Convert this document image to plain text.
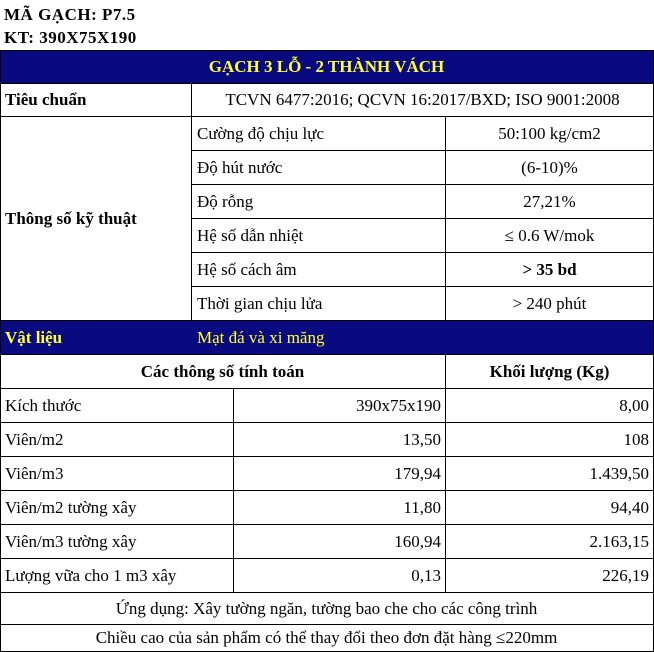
MÃ GẠCH: P7.5
KT: 390X75X190
GẠCH 3 LỖ - 2 THÀNH VÁCH
Tiêu chuẩn	TCVN 6477:2016; QCVN 16:2017/BXD; ISO 9001:2008
Thông số kỹ thuật
Cường độ chịu lực	50:100 kg/cm2
Độ hút nước	(6-10)%
Độ rỗng	27,21%
Hệ số dẫn nhiệt	≤ 0.6 W/mok
Hệ số cách âm	> 35 bd
Thời gian chịu lửa	> 240 phút
Vật liệu	Mạt đá và xi măng
Các thông số tính toán	Khối lượng (Kg)
Kích thước	390x75x190	8,00
Viên/m2	13,50	108
Viên/m3	179,94	1.439,50
Viên/m2 tường xây	11,80	94,40
Viên/m3 tường xây	160,94	2.163,15
Lượng vữa cho 1 m3 xây	0,13	226,19
Ứng dụng: Xây tường ngăn, tường bao che cho các công trình
Chiều cao của sản phẩm có thể thay đổi theo đơn đặt hàng ≤220mm
